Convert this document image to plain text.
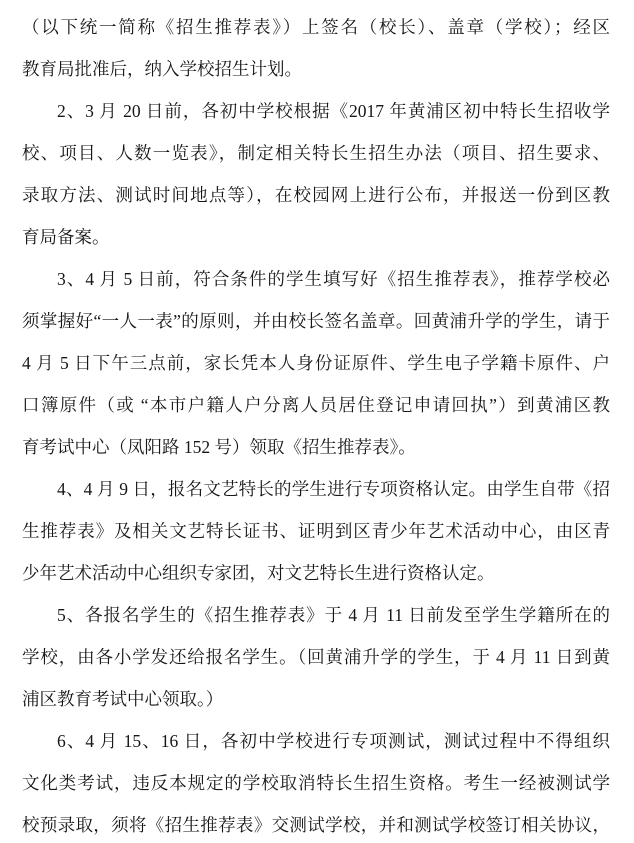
（以下统一简称《招生推荐表》）上签名（校长）、盖章（学校）；经区
教育局批准后，纳入学校招生计划。
2、3 月 20 日前，各初中学校根据《2017 年黄浦区初中特长生招收学
校、项目、人数一览表》，制定相关特长生招生办法（项目、招生要求、
录取方法、测试时间地点等），在校园网上进行公布，并报送一份到区教
育局备案。
3、4 月 5 日前，符合条件的学生填写好《招生推荐表》，推荐学校必
须掌握好“一人一表”的原则，并由校长签名盖章。回黄浦升学的学生，请于
4 月 5 日下午三点前，家长凭本人身份证原件、学生电子学籍卡原件、户
口簿原件（或 “本市户籍人户分离人员居住登记申请回执”）到黄浦区教
育考试中心（凤阳路 152 号）领取《招生推荐表》。
4、4 月 9 日，报名文艺特长的学生进行专项资格认定。由学生自带《招
生推荐表》及相关文艺特长证书、证明到区青少年艺术活动中心，由区青
少年艺术活动中心组织专家团，对文艺特长生进行资格认定。
5、各报名学生的《招生推荐表》于 4 月 11 日前发至学生学籍所在的
学校，由各小学发还给报名学生。（回黄浦升学的学生，于 4 月 11 日到黄
浦区教育考试中心领取。）
6、4 月 15、16 日，各初中学校进行专项测试，测试过程中不得组织
文化类考试，违反本规定的学校取消特长生招生资格。考生一经被测试学
校预录取，须将《招生推荐表》交测试学校，并和测试学校签订相关协议，
